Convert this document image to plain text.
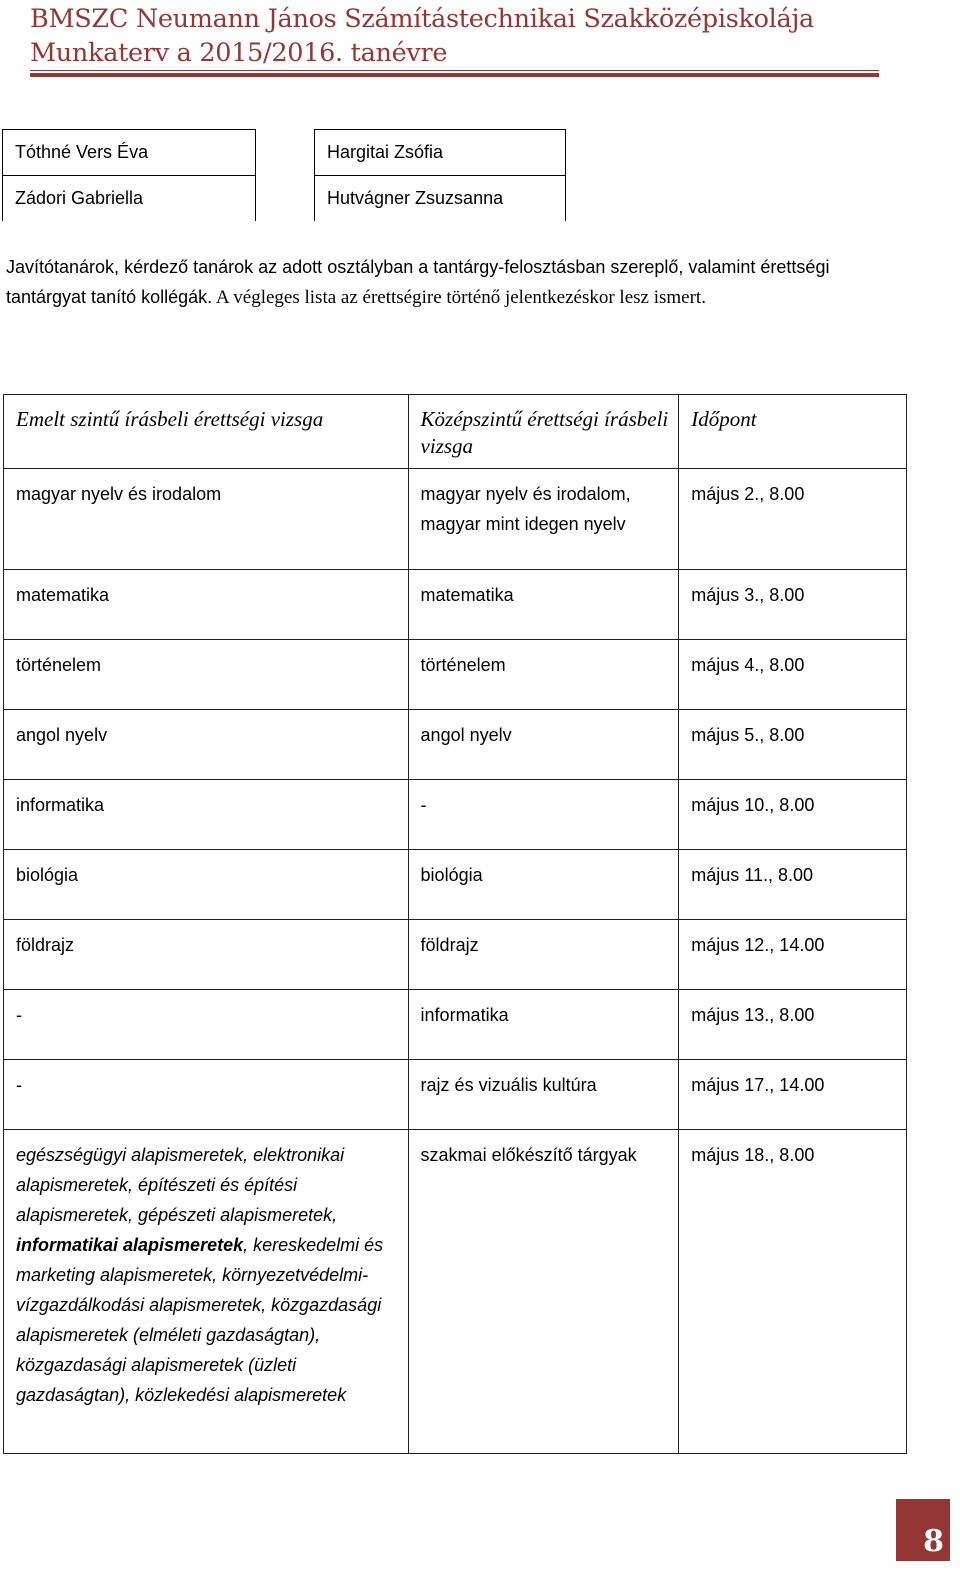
BMSZC Neumann János Számítástechnikai Szakközépiskolája
Munkaterv a 2015/2016. tanévre
Tóthné Vers Éva
Zádori Gabriella
Hargitai Zsófia
Hutvágner Zsuzsanna
Javítótanárok, kérdező tanárok az adott osztályban a tantárgy-felosztásban szereplő, valamint érettségi tantárgyat tanító kollégák. A végleges lista az érettségire történő jelentkezéskor lesz ismert.
Emelt szintű írásbeli érettségi vizsga	Középszintű érettségi írásbeli vizsga	Időpont
magyar nyelv és irodalom	magyar nyelv és irodalom, magyar mint idegen nyelv	május 2., 8.00
matematika	matematika	május 3., 8.00
történelem	történelem	május 4., 8.00
angol nyelv	angol nyelv	május 5., 8.00
informatika	-	május 10., 8.00
biológia	biológia	május 11., 8.00
földrajz	földrajz	május 12., 14.00
-	informatika	május 13., 8.00
-	rajz és vizuális kultúra	május 17., 14.00
egészségügyi alapismeretek, elektronikai alapismeretek, építészeti és építési alapismeretek, gépészeti alapismeretek, informatikai alapismeretek, kereskedelmi és marketing alapismeretek, környezetvédelmi-vízgazdálkodási alapismeretek, közgazdasági alapismeretek (elméleti gazdaságtan), közgazdasági alapismeretek (üzleti gazdaságtan), közlekedési alapismeretek	szakmai előkészítő tárgyak	május 18., 8.00
8
